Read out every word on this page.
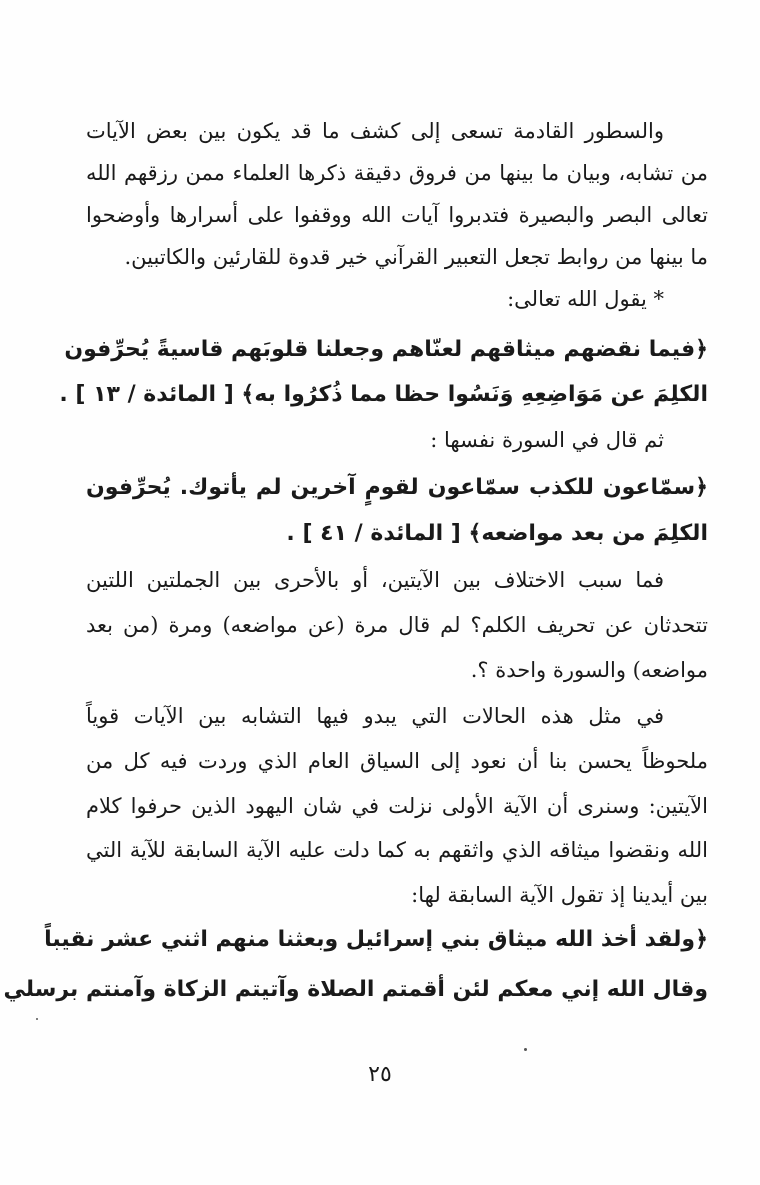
والسطور القادمة تسعى إلى كشف ما قد يكون بين بعض الآيات
من تشابه، وبيان ما بينها من فروق دقيقة ذكرها العلماء ممن رزقهم الله
تعالى البصر والبصيرة فتدبروا آيات الله ووقفوا على أسرارها وأوضحوا
ما بينها من روابط تجعل التعبير القرآني خير قدوة للقارئين والكاتبين.
* يقول الله تعالى:
﴿فيما نقضهم ميثاقهم لعنّاهم وجعلنا قلوبَهم قاسيةً يُحرِّفون
الكلِمَ عن مَوَاضِعِهِ وَنَسُوا حظا مما ذُكرُوا به﴾ [ المائدة / ١٣ ] .
ثم قال في السورة نفسها :
﴿سمّاعون للكذب سمّاعون لقومٍ آخرين لم يأتوك. يُحرِّفون
الكلِمَ من بعد مواضعه﴾ [ المائدة / ٤١ ] .
فما سبب الاختلاف بين الآيتين، أو بالأحرى بين الجملتين اللتين
تتحدثان عن تحريف الكلم؟ لم قال مرة (عن مواضعه) ومرة (من بعد
مواضعه) والسورة واحدة ؟.
في مثل هذه الحالات التي يبدو فيها التشابه بين الآيات قوياً
ملحوظاً يحسن بنا أن نعود إلى السياق العام الذي وردت فيه كل من
الآيتين: وسنرى أن الآية الأولى نزلت في شان اليهود الذين حرفوا كلام
الله ونقضوا ميثاقه الذي واثقهم به كما دلت عليه الآية السابقة للآية التي
بين أيدينا إذ تقول الآية السابقة لها:
﴿ولقد أخذ الله ميثاق بني إسرائيل وبعثنا منهم اثني عشر نقيباً
وقال الله إني معكم لئن أقمتم الصلاة وآتيتم الزكاة وآمنتم برسلي
٢٥
